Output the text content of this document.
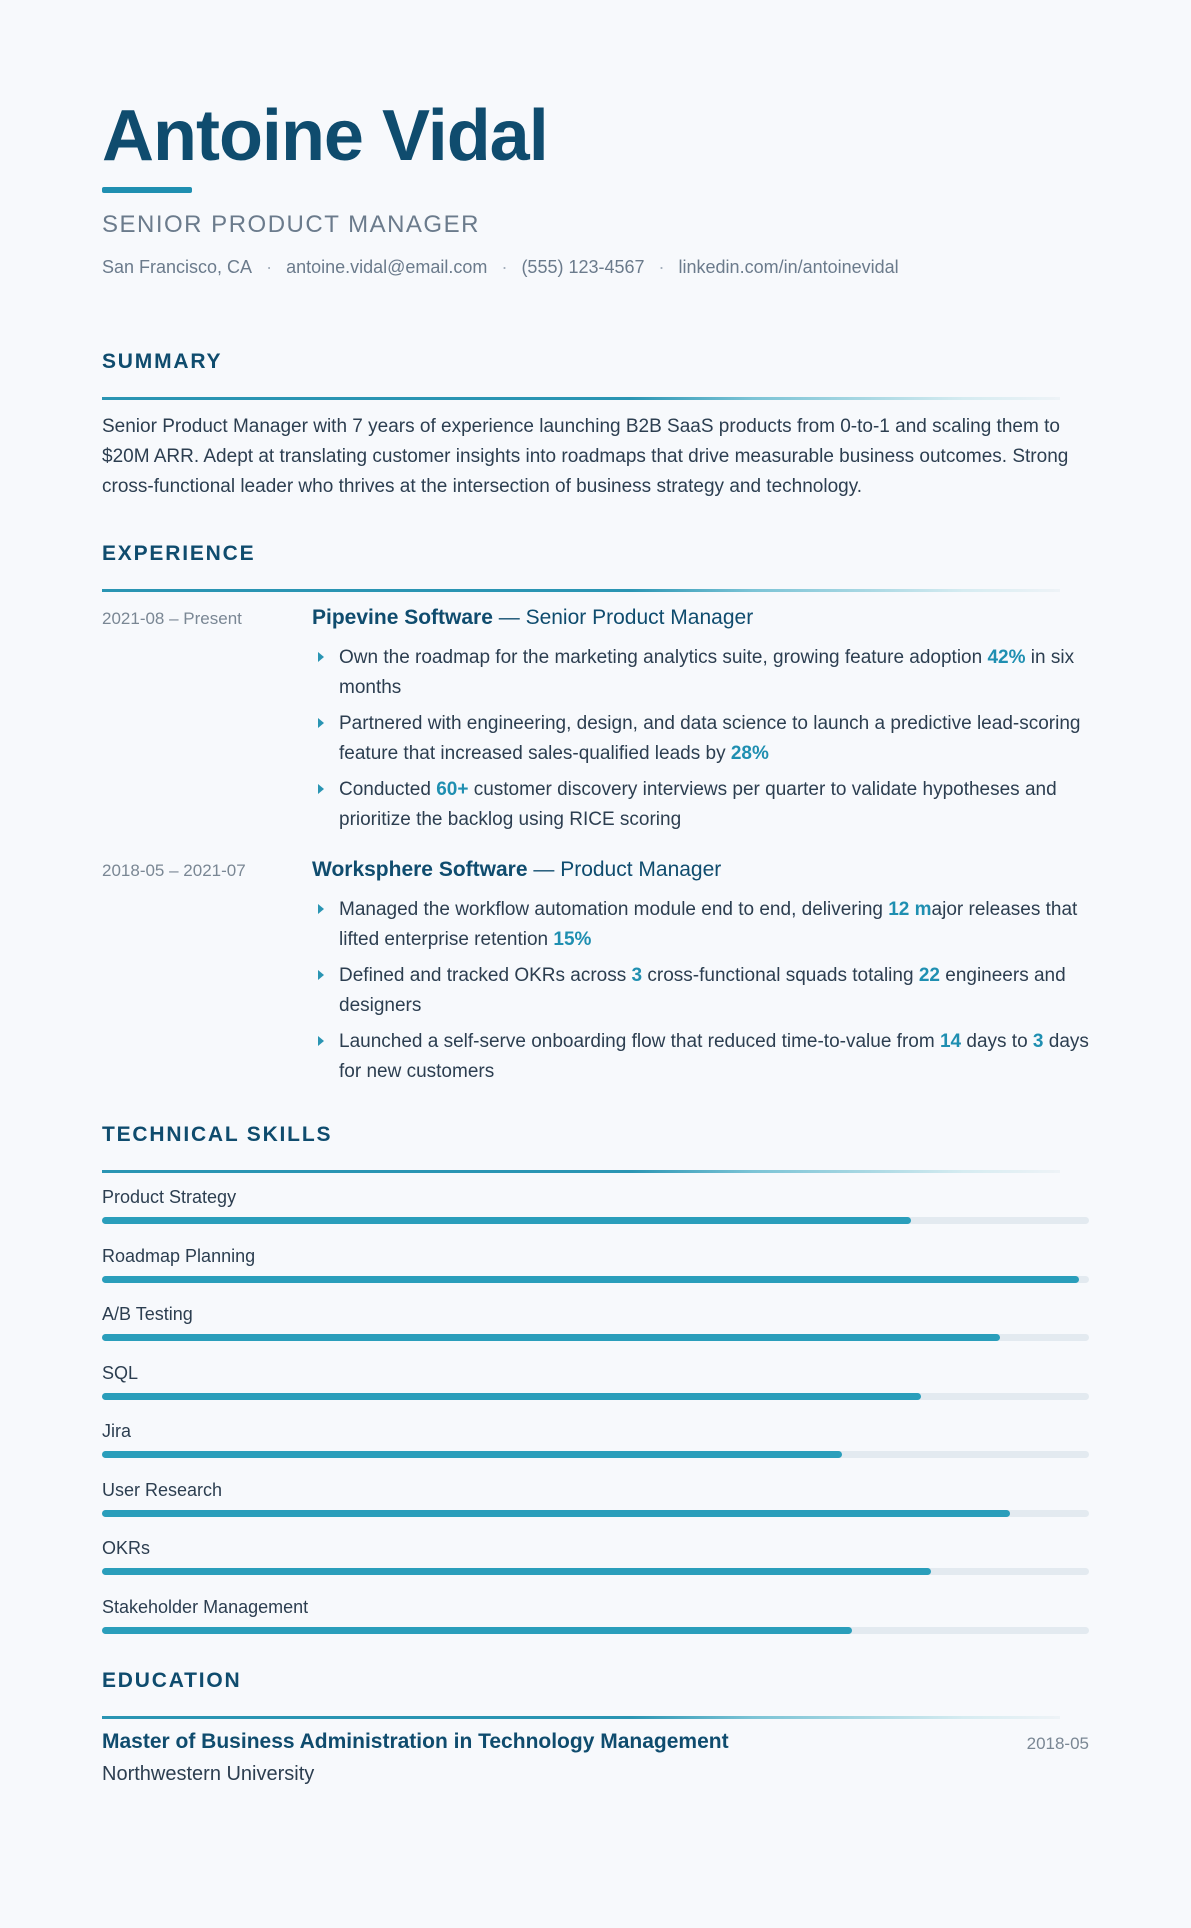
Antoine Vidal
SENIOR PRODUCT MANAGER
San Francisco, CA · antoine.vidal@email.com · (555) 123-4567 · linkedin.com/in/antoinevidal
SUMMARY
Senior Product Manager with 7 years of experience launching B2B SaaS products from 0-to-1 and scaling them to $20M ARR. Adept at translating customer insights into roadmaps that drive measurable business outcomes. Strong cross-functional leader who thrives at the intersection of business strategy and technology.
EXPERIENCE
2021-08 – Present	Pipevine Software — Senior Product Manager
Own the roadmap for the marketing analytics suite, growing feature adoption 42% in six months
Partnered with engineering, design, and data science to launch a predictive lead-scoring feature that increased sales-qualified leads by 28%
Conducted 60+ customer discovery interviews per quarter to validate hypotheses and prioritize the backlog using RICE scoring
2018-05 – 2021-07	Worksphere Software — Product Manager
Managed the workflow automation module end to end, delivering 12 major releases that lifted enterprise retention 15%
Defined and tracked OKRs across 3 cross-functional squads totaling 22 engineers and designers
Launched a self-serve onboarding flow that reduced time-to-value from 14 days to 3 days for new customers
TECHNICAL SKILLS
Product Strategy
Roadmap Planning
A/B Testing
SQL
Jira
User Research
OKRs
Stakeholder Management
EDUCATION
Master of Business Administration in Technology Management	2018-05
Northwestern University
